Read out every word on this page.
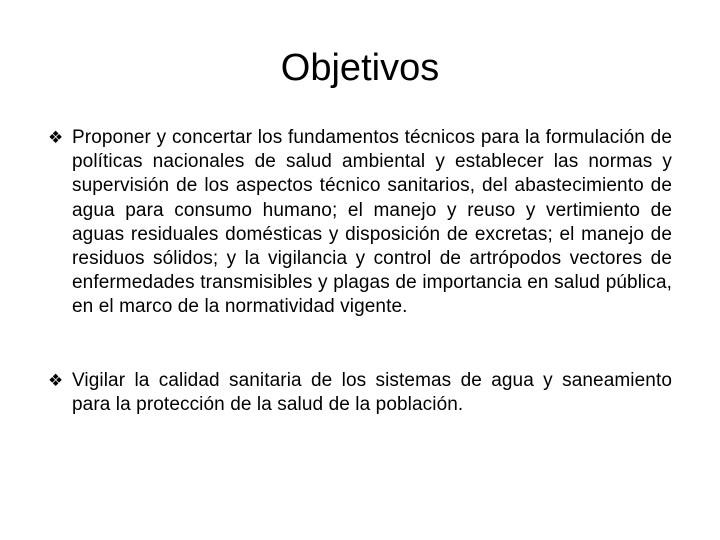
Objetivos
❖ Proponer y concertar los fundamentos técnicos para la formulación de políticas nacionales de salud ambiental y establecer las normas y supervisión de los aspectos técnico sanitarios, del abastecimiento de agua para consumo humano; el manejo y reuso y vertimiento de aguas residuales domésticas y disposición de excretas; el manejo de residuos sólidos; y la vigilancia y control de artrópodos vectores de enfermedades transmisibles y plagas de importancia en salud pública, en el marco de la normatividad vigente.
❖ Vigilar la calidad sanitaria de los sistemas de agua y saneamiento para la protección de la salud de la población.
